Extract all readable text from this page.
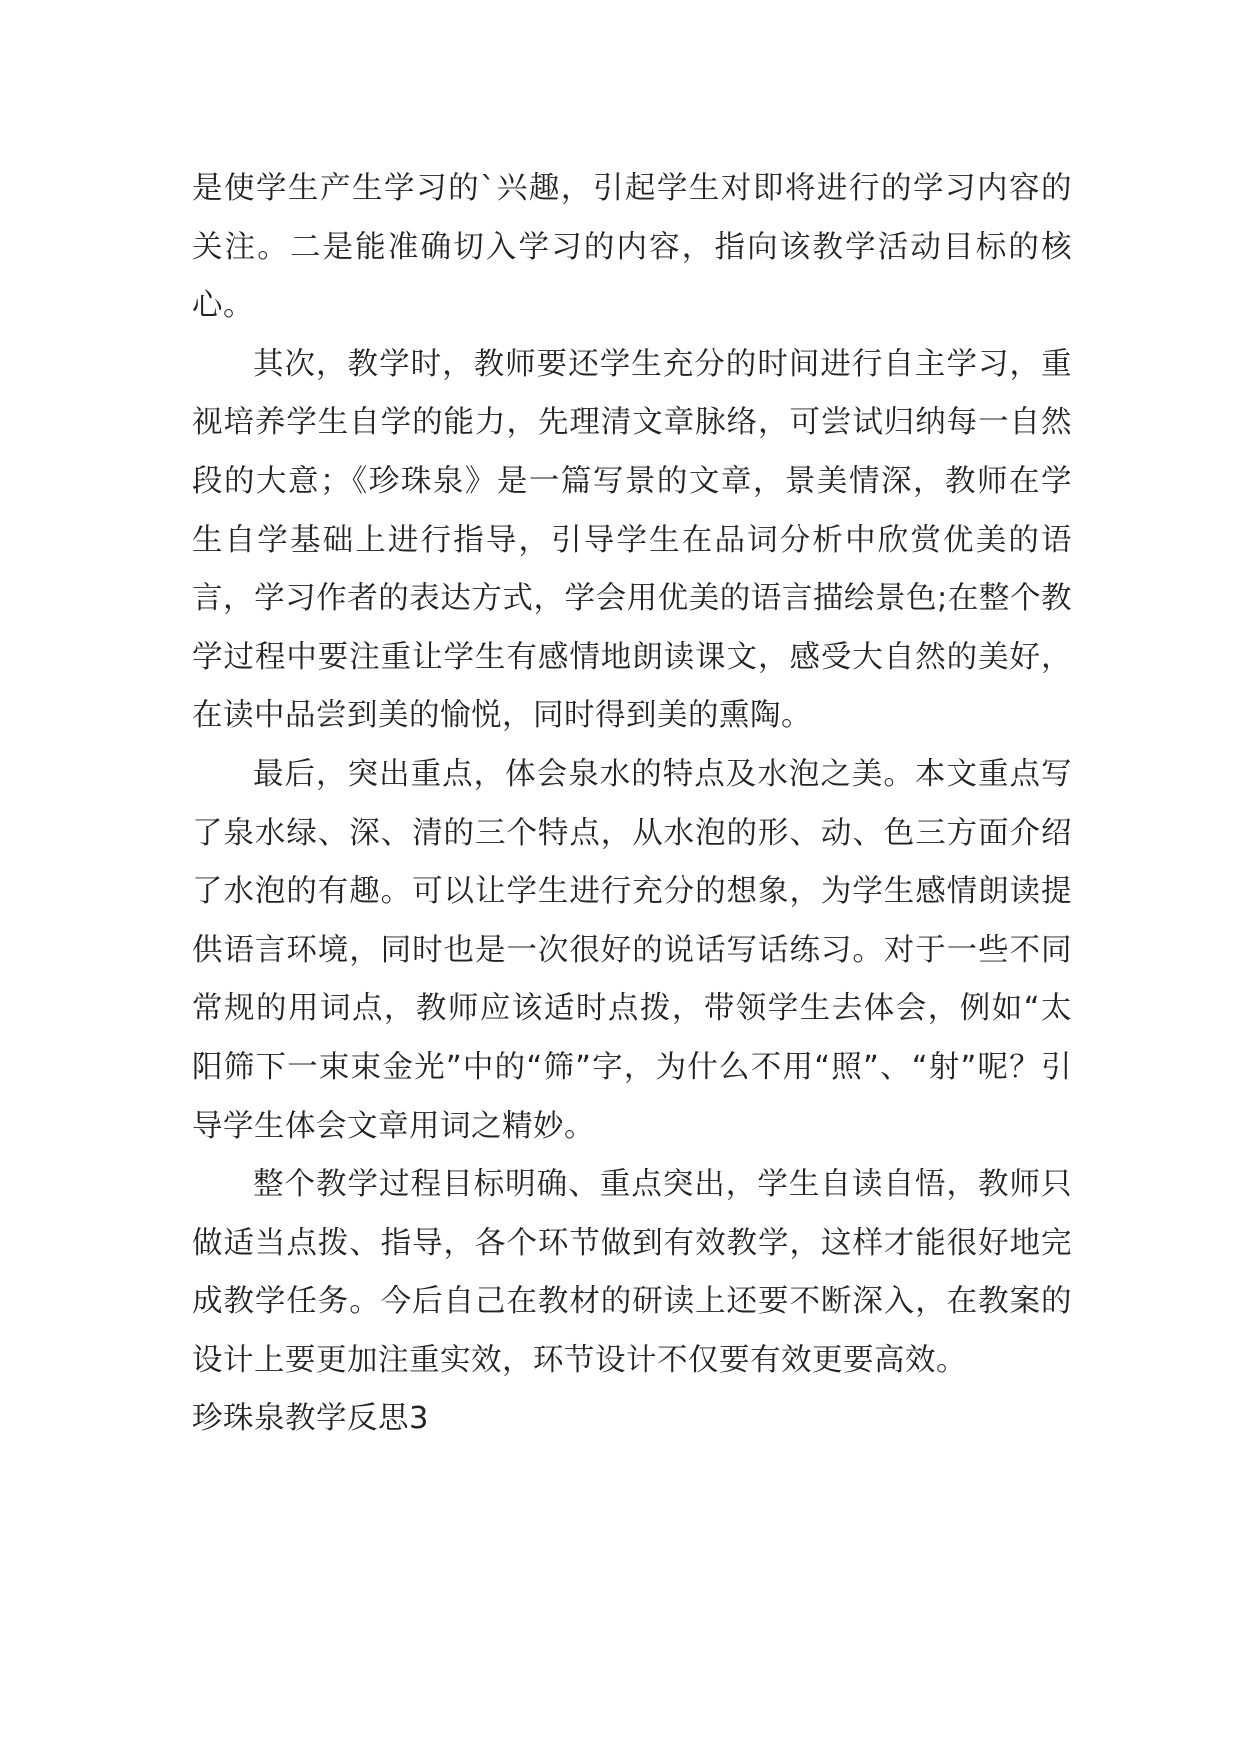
是使学生产生学习的`兴趣，引起学生对即将进行的学习内容的关注。二是能准确切入学习的内容，指向该教学活动目标的核心。

其次，教学时，教师要还学生充分的时间进行自主学习，重视培养学生自学的能力，先理清文章脉络，可尝试归纳每一自然段的大意；《珍珠泉》是一篇写景的文章，景美情深，教师在学生自学基础上进行指导，引导学生在品词分析中欣赏优美的语言，学习作者的表达方式，学会用优美的语言描绘景色;在整个教学过程中要注重让学生有感情地朗读课文，感受大自然的美好，在读中品尝到美的愉悦，同时得到美的熏陶。

最后，突出重点，体会泉水的特点及水泡之美。本文重点写了泉水绿、深、清的三个特点，从水泡的形、动、色三方面介绍了水泡的有趣。可以让学生进行充分的想象，为学生感情朗读提供语言环境，同时也是一次很好的说话写话练习。对于一些不同常规的用词点，教师应该适时点拨，带领学生去体会，例如“太阳筛下一束束金光”中的“筛”字，为什么不用“照”、“射”呢？引导学生体会文章用词之精妙。

整个教学过程目标明确、重点突出，学生自读自悟，教师只做适当点拨、指导，各个环节做到有效教学，这样才能很好地完成教学任务。今后自己在教材的研读上还要不断深入，在教案的设计上要更加注重实效，环节设计不仅要有效更要高效。

珍珠泉教学反思3
